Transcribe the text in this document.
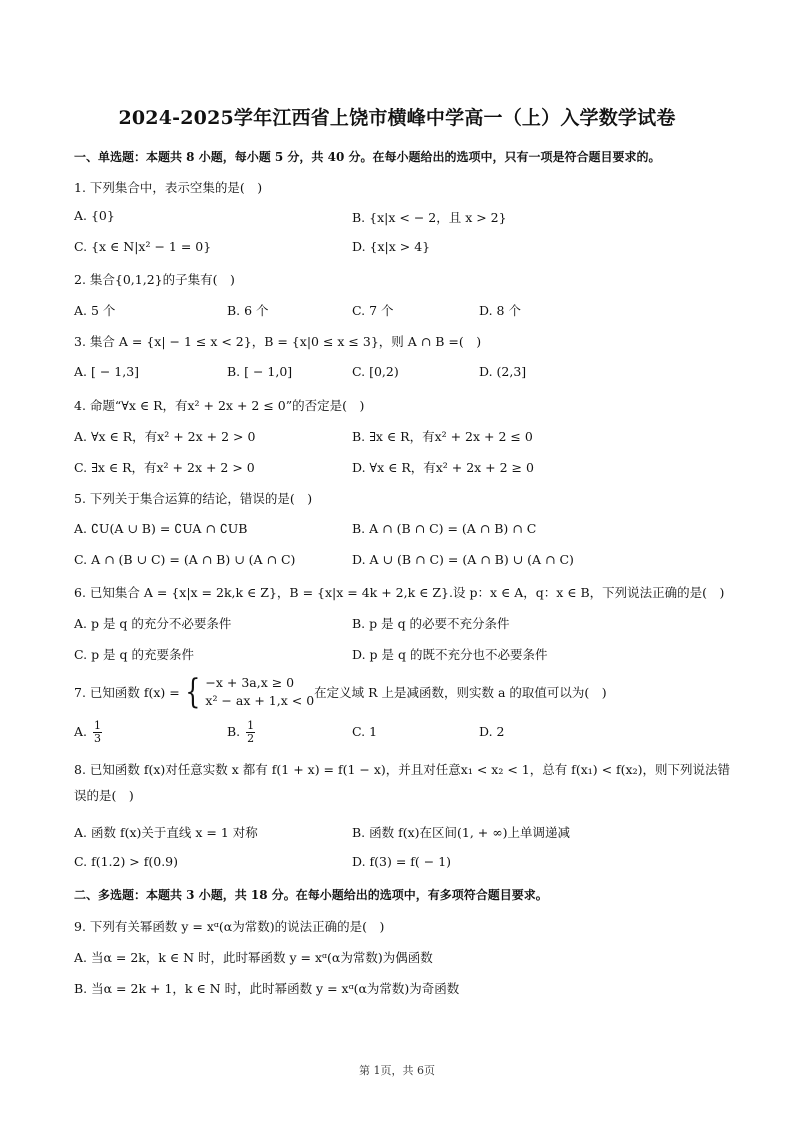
2024-2025学年江西省上饶市横峰中学高一（上）入学数学试卷
一、单选题：本题共 8 小题，每小题 5 分，共 40 分。在每小题给出的选项中，只有一项是符合题目要求的。
1. 下列集合中，表示空集的是(　)
A. {0}	B. {x|x < − 2，且 x > 2}
C. {x ∈ N|x² − 1 = 0}	D. {x|x > 4}
2. 集合{0,1,2}的子集有(　)
A. 5 个	B. 6 个	C. 7 个	D. 8 个
3. 集合 A = {x| − 1 ≤ x < 2}，B = {x|0 ≤ x ≤ 3}，则 A ∩ B =(　)
A. [ − 1,3]	B. [ − 1,0]	C. [0,2)	D. (2,3]
4. 命题“∀x ∈ R，有x² + 2x + 2 ≤ 0”的否定是(　)
A. ∀x ∈ R，有x² + 2x + 2 > 0	B. ∃x ∈ R，有x² + 2x + 2 ≤ 0
C. ∃x ∈ R，有x² + 2x + 2 > 0	D. ∀x ∈ R，有x² + 2x + 2 ≥ 0
5. 下列关于集合运算的结论，错误的是(　)
A. ∁U(A ∪ B) = ∁UA ∩ ∁UB	B. A ∩ (B ∩ C) = (A ∩ B) ∩ C
C. A ∩ (B ∪ C) = (A ∩ B) ∪ (A ∩ C)	D. A ∪ (B ∩ C) = (A ∩ B) ∪ (A ∩ C)
6. 已知集合 A = {x|x = 2k,k ∈ Z}，B = {x|x = 4k + 2,k ∈ Z}.设 p：x ∈ A，q：x ∈ B，下列说法正确的是(　)
A. p 是 q 的充分不必要条件	B. p 是 q 的必要不充分条件
C. p 是 q 的充要条件	D. p 是 q 的既不充分也不必要条件
7. 已知函数 f(x) = { −x + 3a,x ≥ 0
x² − ax + 1,x < 0
在定义域 R 上是减函数，则实数 a 的取值可以为(　)
A. $\frac{1}{3}$	B. $\frac{1}{2}$	C. 1	D. 2
8. 已知函数 f(x)对任意实数 x 都有 f(1 + x) = f(1 − x)，并且对任意x₁ < x₂ < 1，总有 f(x₁) < f(x₂)，则下列说法错误的是(　)
A. 函数 f(x)关于直线 x = 1 对称	B. 函数 f(x)在区间(1, + ∞)上单调递减
C. f(1.2) > f(0.9)	D. f(3) = f( − 1)
二、多选题：本题共 3 小题，共 18 分。在每小题给出的选项中，有多项符合题目要求。
9. 下列有关幂函数 y = xᵅ(α为常数)的说法正确的是(　)
A. 当α = 2k，k ∈ N 时，此时幂函数 y = xᵅ(α为常数)为偶函数
B. 当α = 2k + 1，k ∈ N 时，此时幂函数 y = xᵅ(α为常数)为奇函数
第 1页，共 6页
